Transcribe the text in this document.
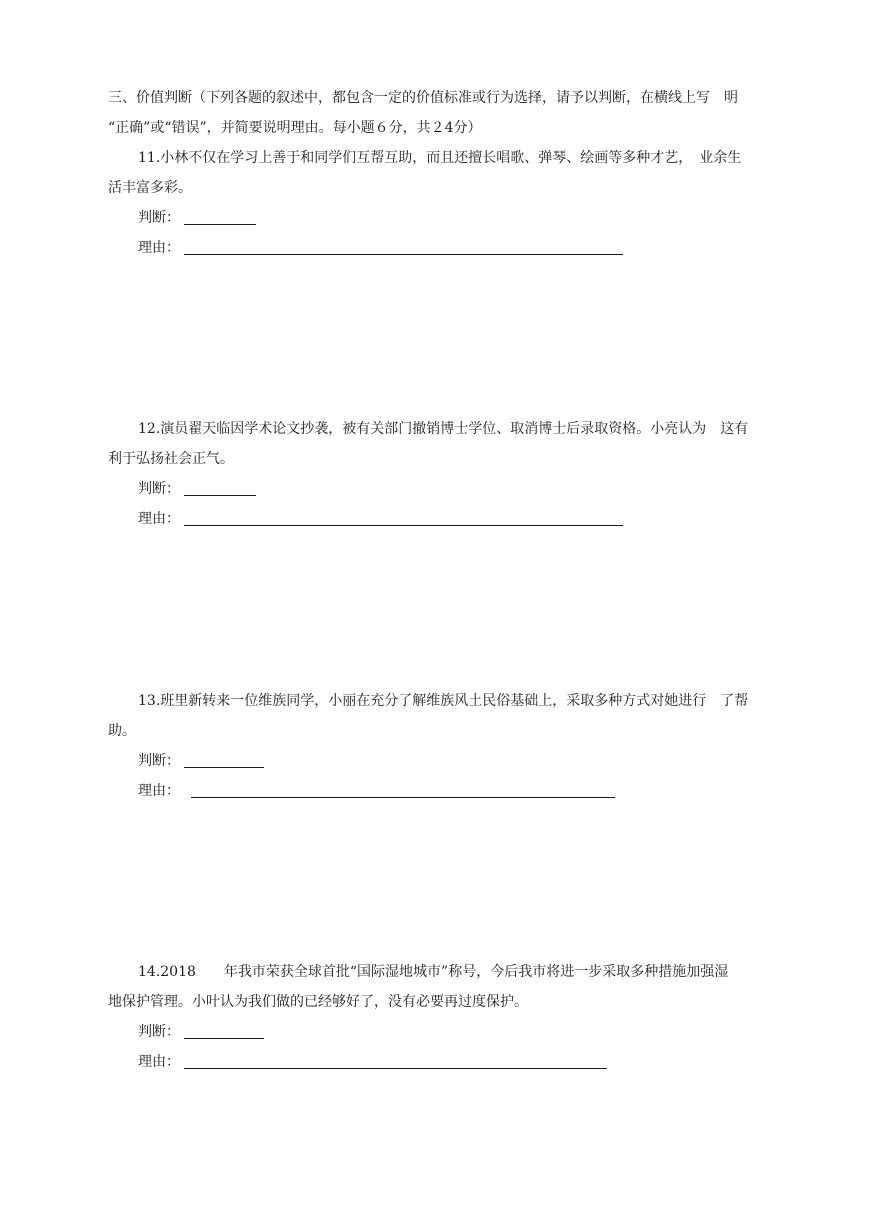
三、价值判断（下列各题的叙述中，都包含一定的价值标准或行为选择，请予以判断，在横线上写　明
“正确”或“错误”，并简要说明理由。每小题６分，共２4分）
11.小林不仅在学习上善于和同学们互帮互助，而且还擅长唱歌、弹琴、绘画等多种才艺，　业余生
活丰富多彩。
判断：
理由：
12.演员翟天临因学术论文抄袭，被有关部门撤销博士学位、取消博士后录取资格。小亮认为　这有
利于弘扬社会正气。
判断：
理由：
13.班里新转来一位维族同学，小丽在充分了解维族风土民俗基础上，采取多种方式对她进行　了帮
助。
判断：
理由：
14.2018　　年我市荣获全球首批“国际湿地城市”称号，今后我市将进一步采取多种措施加强湿
地保护管理。小叶认为我们做的已经够好了，没有必要再过度保护。
判断：
理由：
